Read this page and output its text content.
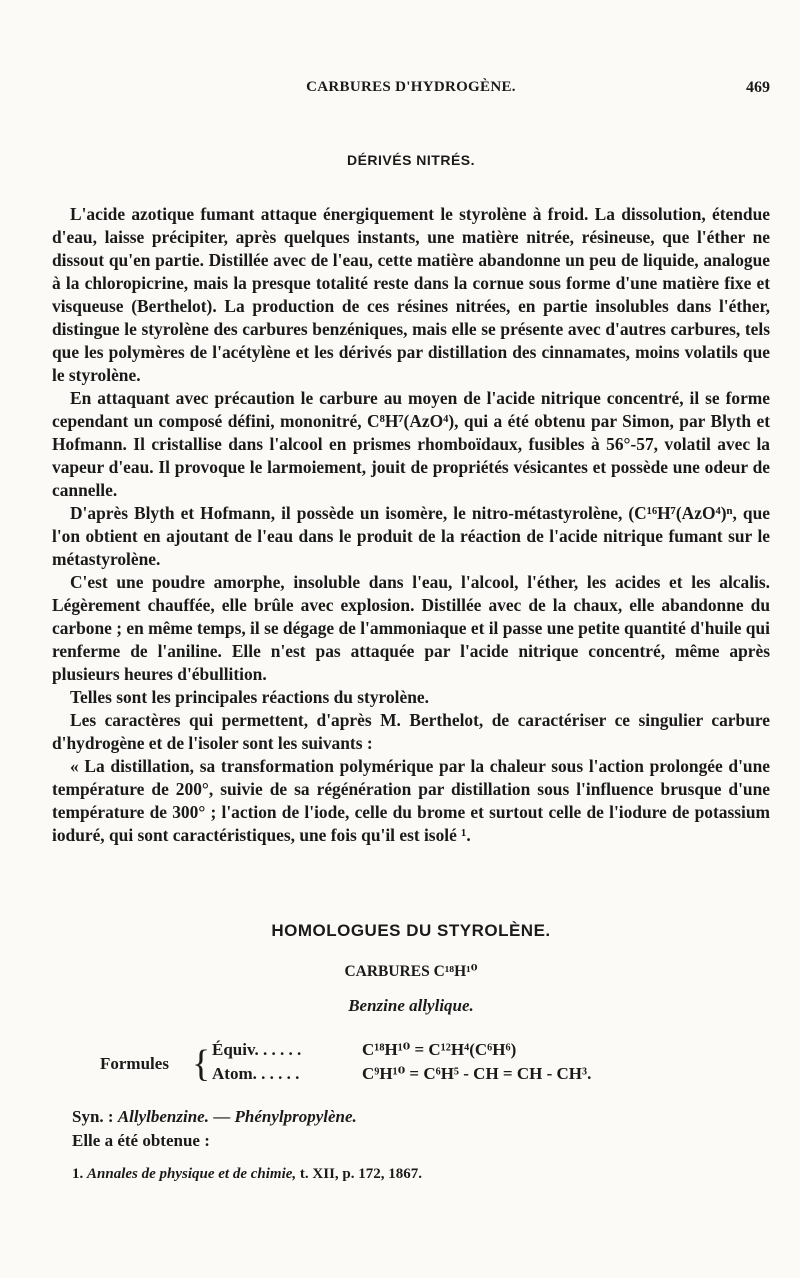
CARBURES D'HYDROGÈNE.	469
DÉRIVÉS NITRÉS.

L'acide azotique fumant attaque énergiquement le styrolène à froid. La dissolution, étendue d'eau, laisse précipiter, après quelques instants, une matière nitrée, résineuse, que l'éther ne dissout qu'en partie. Distillée avec de l'eau, cette matière abandonne un peu de liquide, analogue à la chloropicrine, mais la presque totalité reste dans la cornue sous forme d'une matière fixe et visqueuse (Berthelot). La production de ces résines nitrées, en partie insolubles dans l'éther, distingue le styrolène des carbures benzéniques, mais elle se présente avec d'autres carbures, tels que les polymères de l'acétylène et les dérivés par distillation des cinnamates, moins volatils que le styrolène.

En attaquant avec précaution le carbure au moyen de l'acide nitrique concentré, il se forme cependant un composé défini, mononitré, C⁸H⁷(AzO⁴), qui a été obtenu par Simon, par Blyth et Hofmann. Il cristallise dans l'alcool en prismes rhomboïdaux, fusibles à 56°-57, volatil avec la vapeur d'eau. Il provoque le larmoiement, jouit de propriétés vésicantes et possède une odeur de cannelle.

D'après Blyth et Hofmann, il possède un isomère, le nitro-métastyrolène, (C¹⁶H⁷(AzO⁴)ⁿ, que l'on obtient en ajoutant de l'eau dans le produit de la réaction de l'acide nitrique fumant sur le métastyrolène.

C'est une poudre amorphe, insoluble dans l'eau, l'alcool, l'éther, les acides et les alcalis. Légèrement chauffée, elle brûle avec explosion. Distillée avec de la chaux, elle abandonne du carbone ; en même temps, il se dégage de l'ammoniaque et il passe une petite quantité d'huile qui renferme de l'aniline. Elle n'est pas attaquée par l'acide nitrique concentré, même après plusieurs heures d'ébullition.

Telles sont les principales réactions du styrolène.

Les caractères qui permettent, d'après M. Berthelot, de caractériser ce singulier carbure d'hydrogène et de l'isoler sont les suivants :

« La distillation, sa transformation polymérique par la chaleur sous l'action prolongée d'une température de 200°, suivie de sa régénération par distillation sous l'influence brusque d'une température de 300° ; l'action de l'iode, celle du brome et surtout celle de l'iodure de potassium ioduré, qui sont caractéristiques, une fois qu'il est isolé ¹.

HOMOLOGUES DU STYROLÈNE.
CARBURES C¹⁸H¹⁰
Benzine allylique.
Formules { Équiv. . . . . .	C¹⁸H¹⁰ = C¹²H⁴(C⁶H⁶)
Atom. . . . . .	C⁹H¹⁰ = C⁶H⁵ - CH = CH - CH³.
Syn. : Allylbenzine. — Phénylpropylène.
Elle a été obtenue :
1. Annales de physique et de chimie, t. XII, p. 172, 1867.
